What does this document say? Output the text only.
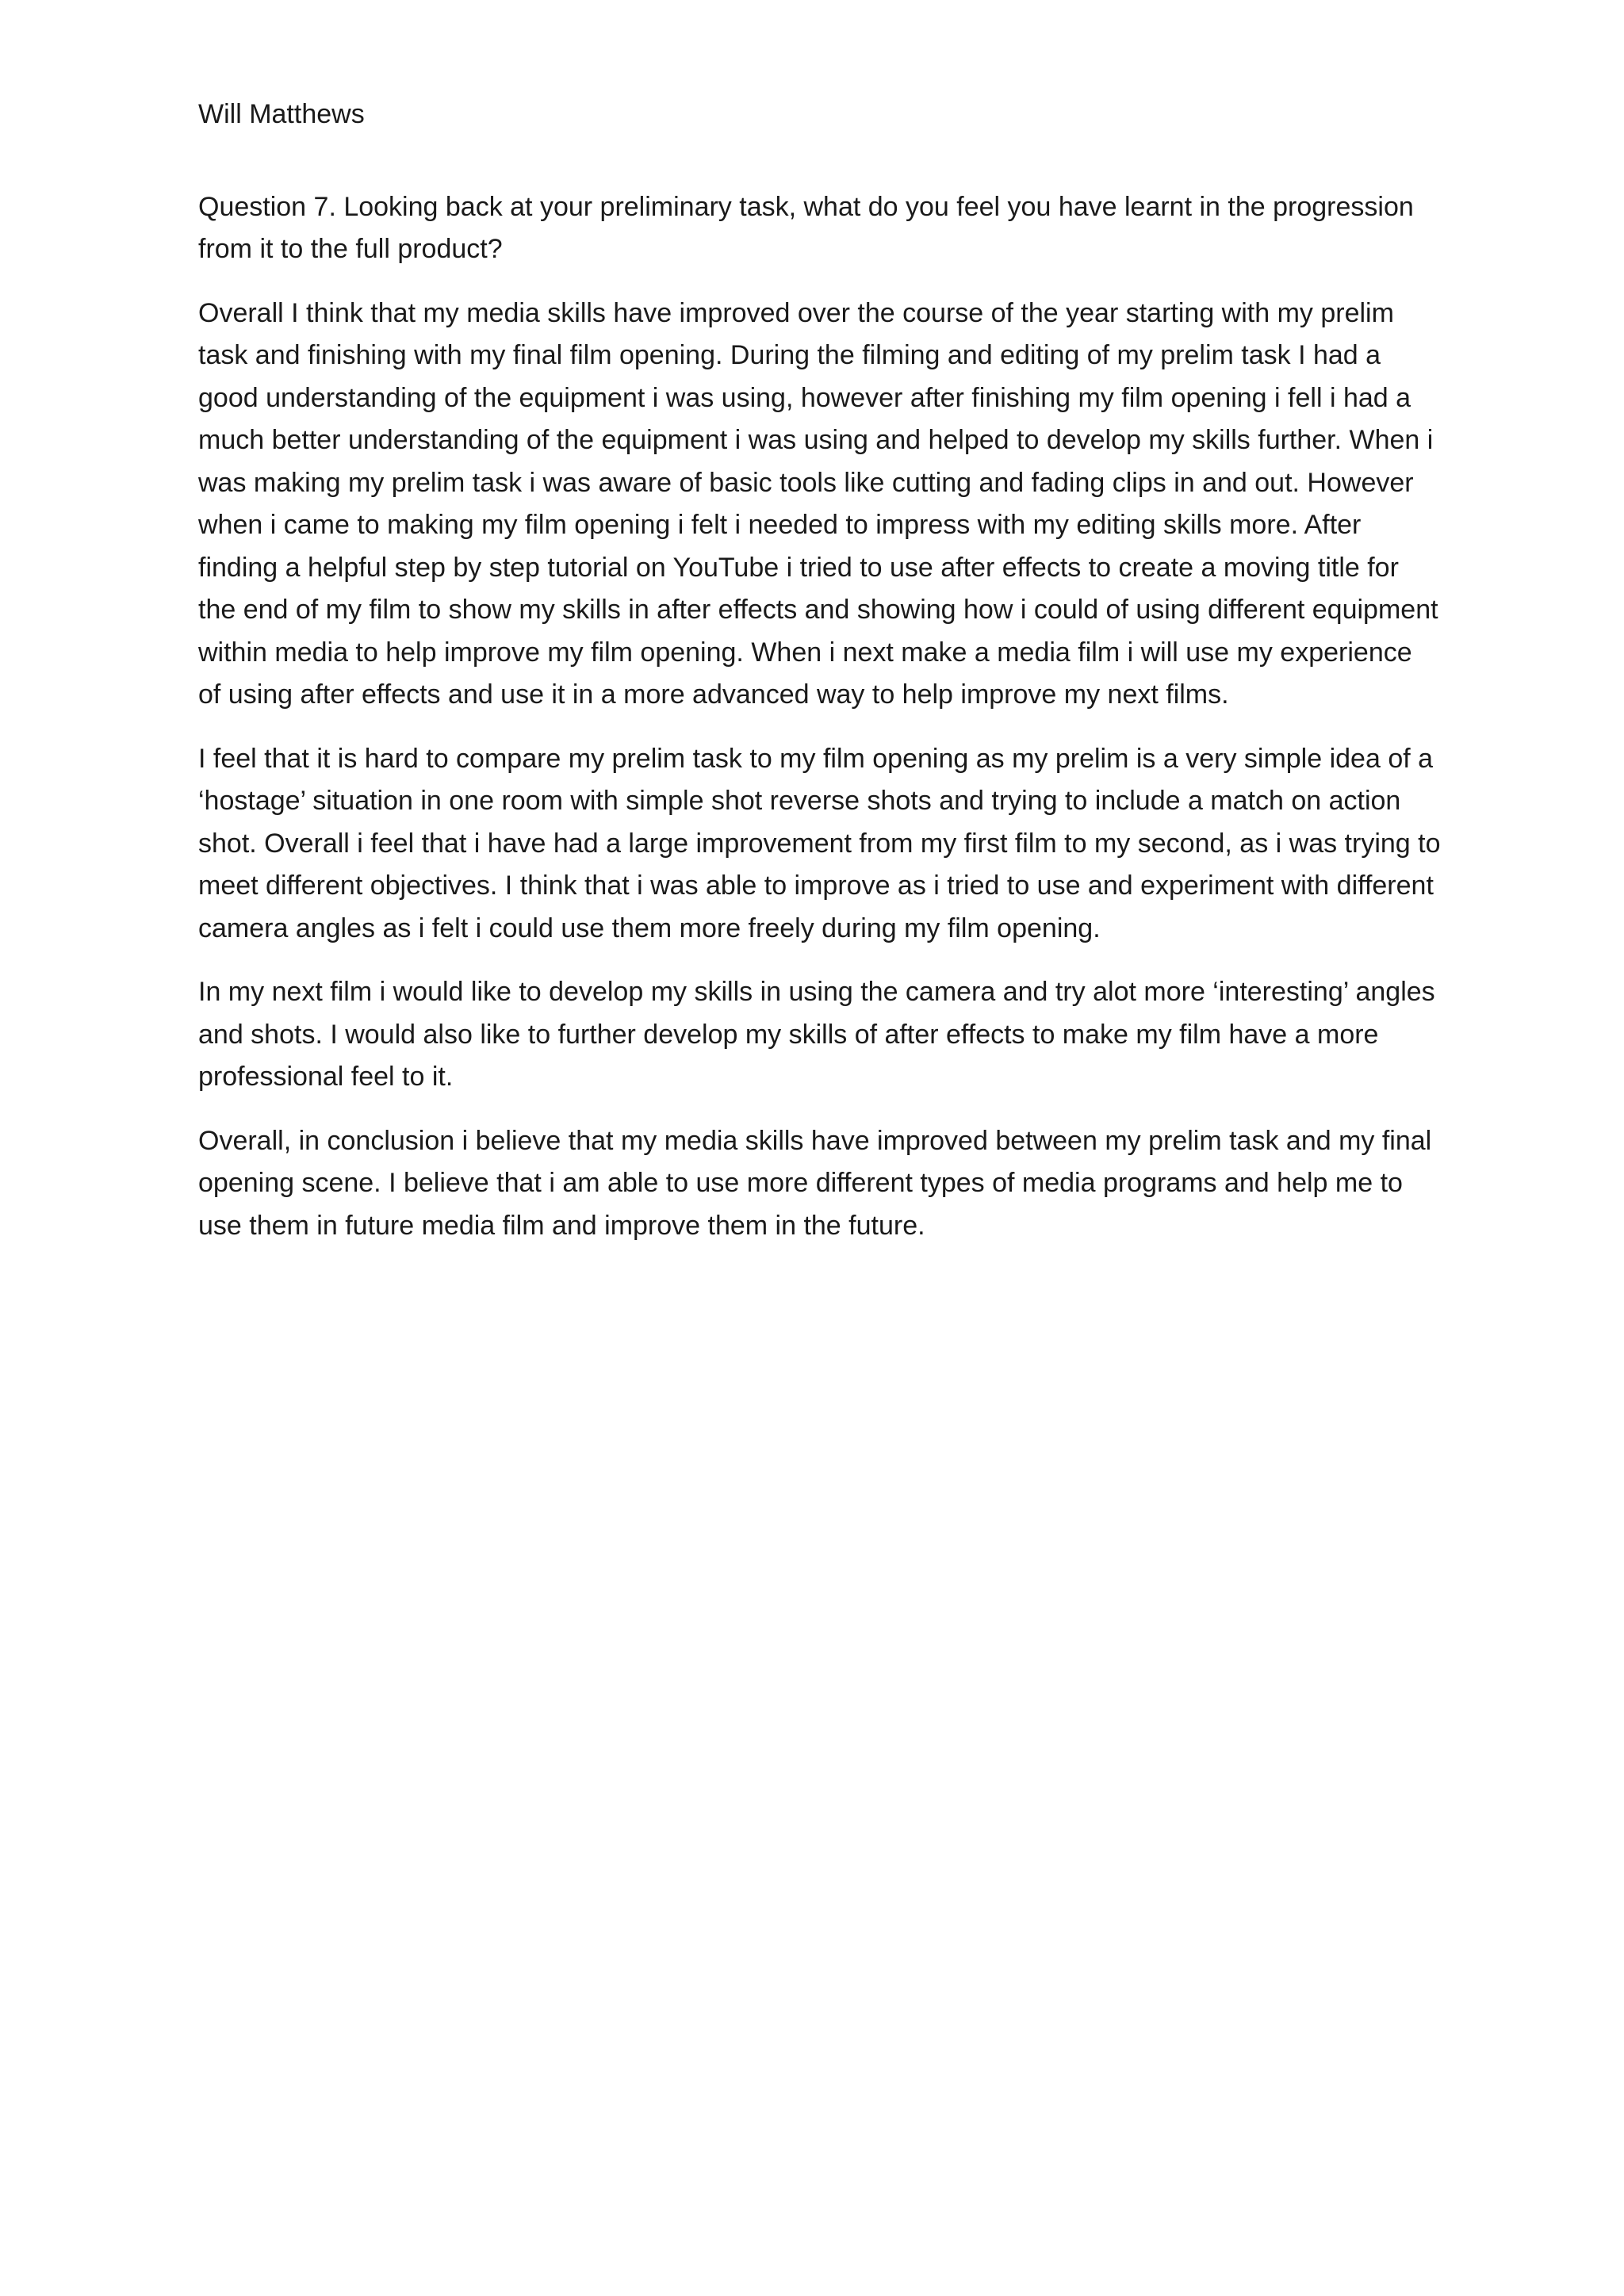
Will Matthews

Question 7. Looking back at your preliminary task, what do you feel you have learnt in the progression from it to the full product?

Overall I think that my media skills have improved over the course of the year starting with my prelim task and finishing with my final film opening. During the filming and editing of my prelim task I had a good understanding of the equipment i was using, however after finishing my film opening i fell i had a much better understanding of the equipment i was using and helped to develop my skills further. When i was making my prelim task i was aware of basic tools like cutting and fading clips in and out. However when i came to making my film opening i felt i needed to impress with my editing skills more. After finding a helpful step by step tutorial on YouTube i tried to use after effects to create a moving title for the end of my film to show my skills in after effects and showing how i could of using different equipment within media to help improve my film opening. When i next make a media film i will use my experience of using after effects and use it in a more advanced way to help improve my next films.

I feel that it is hard to compare my prelim task to my film opening as my prelim is a very simple idea of a ‘hostage’ situation in one room with simple shot reverse shots and trying to include a match on action shot. Overall i feel that i have had a large improvement from my first film to my second, as i was trying to meet different objectives. I think that i was able to improve as i tried to use and experiment with different camera angles as i felt i could use them more freely during my film opening.

In my next film i would like to develop my skills in using the camera and try alot more ‘interesting’ angles and shots. I would also like to further develop my skills of after effects to make my film have a more professional feel to it.

Overall, in conclusion i believe that my media skills have improved between my prelim task and my final opening scene. I believe that i am able to use more different types of media programs and help me to use them in future media film and improve them in the future.
